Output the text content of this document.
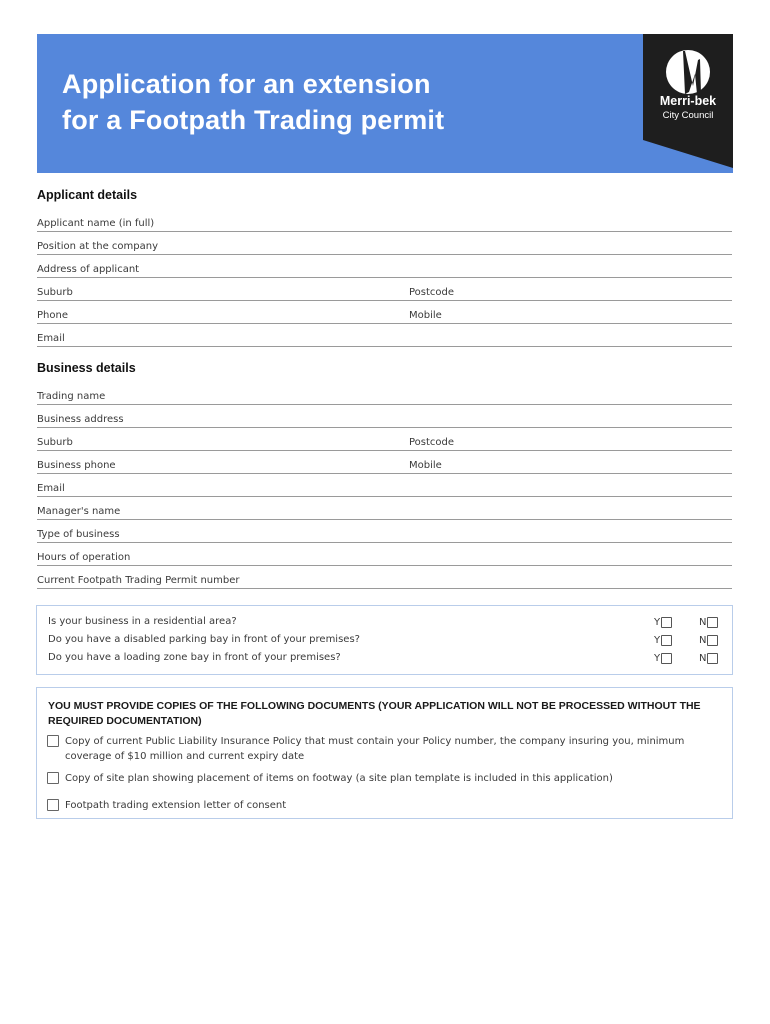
Application for an extension
for a Footpath Trading permit
Merri-bek
City Council
Applicant details
Applicant name (in full)
Position at the company
Address of applicant
Suburb	Postcode
Phone	Mobile
Email
Business details
Trading name
Business address
Suburb	Postcode
Business phone	Mobile
Email
Manager's name
Type of business
Hours of operation
Current Footpath Trading Permit number
Is your business in a residential area?	Y	N
Do you have a disabled parking bay in front of your premises?	Y	N
Do you have a loading zone bay in front of your premises?	Y	N
YOU MUST PROVIDE COPIES OF THE FOLLOWING DOCUMENTS (YOUR APPLICATION WILL NOT BE PROCESSED WITHOUT THE REQUIRED DOCUMENTATION)
Copy of current Public Liability Insurance Policy that must contain your Policy number, the company insuring you, minimum coverage of $10 million and current expiry date
Copy of site plan showing placement of items on footway (a site plan template is included in this application)
Footpath trading extension letter of consent
